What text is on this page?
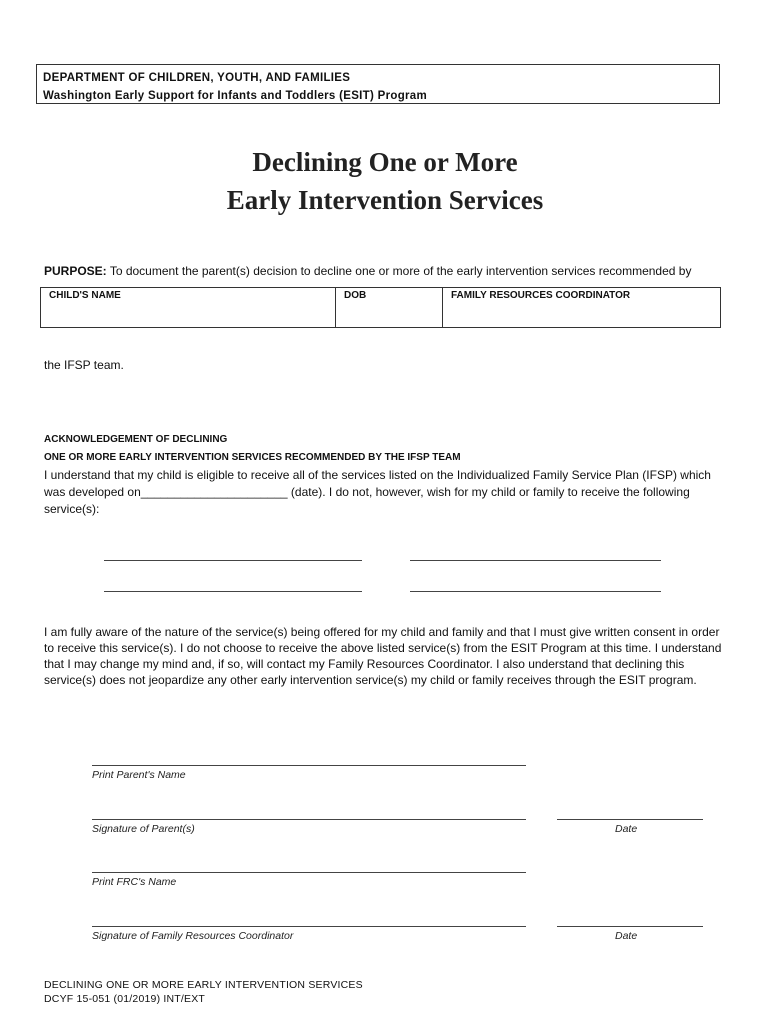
DEPARTMENT OF CHILDREN, YOUTH, AND FAMILIES
Washington Early Support for Infants and Toddlers (ESIT) Program
Declining One or More
Early Intervention Services
PURPOSE: To document the parent(s) decision to decline one or more of the early intervention services recommended by
CHILD'S NAME	DOB	FAMILY RESOURCES COORDINATOR
the IFSP team.
ACKNOWLEDGEMENT OF DECLINING
ONE OR MORE EARLY INTERVENTION SERVICES RECOMMENDED BY THE IFSP TEAM
I understand that my child is eligible to receive all of the services listed on the Individualized Family Service Plan (IFSP) which was developed on______________________ (date). I do not, however, wish for my child or family to receive the following service(s):
I am fully aware of the nature of the service(s) being offered for my child and family and that I must give written consent in order to receive this service(s). I do not choose to receive the above listed service(s) from the ESIT Program at this time. I understand that I may change my mind and, if so, will contact my Family Resources Coordinator. I also understand that declining this service(s) does not jeopardize any other early intervention service(s) my child or family receives through the ESIT program.
Print Parent's Name
Signature of Parent(s)	Date
Print FRC's Name
Signature of Family Resources Coordinator	Date
DECLINING ONE OR MORE EARLY INTERVENTION SERVICES
DCYF 15-051 (01/2019) INT/EXT
